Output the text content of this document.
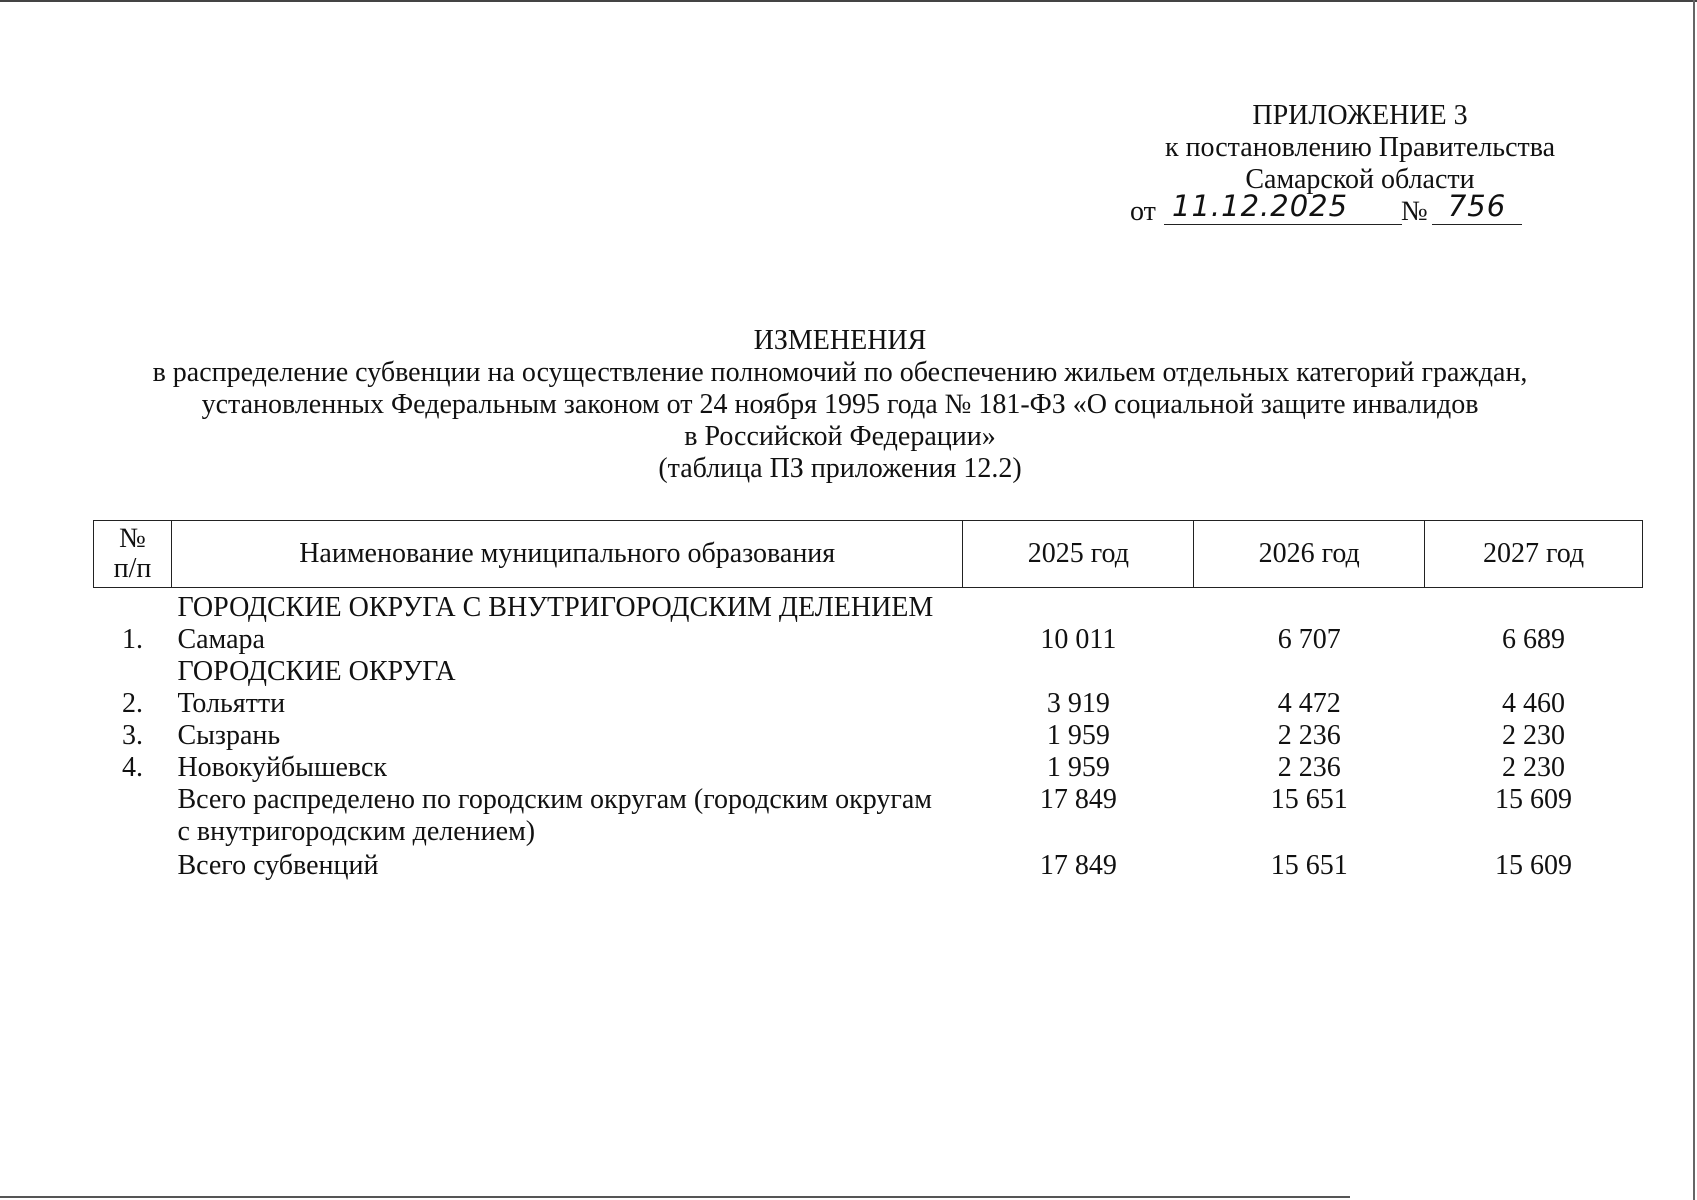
ПРИЛОЖЕНИЕ 3
к постановлению Правительства
Самарской области
от 11.12.2025	№ 756
ИЗМЕНЕНИЯ
в распределение субвенции на осуществление полномочий по обеспечению жильем отдельных категорий граждан,
установленных Федеральным законом от 24 ноября 1995 года № 181-ФЗ «О социальной защите инвалидов
в Российской Федерации»
(таблица ПЗ приложения 12.2)
№
п/п	Наименование муниципального образования	2025 год	2026 год	2027 год
	ГОРОДСКИЕ ОКРУГА С ВНУТРИГОРОДСКИМ ДЕЛЕНИЕМ			
1.	Самара	10 011	6 707	6 689
	ГОРОДСКИЕ ОКРУГА			
2.	Тольятти	3 919	4 472	4 460
3.	Сызрань	1 959	2 236	2 230
4.	Новокуйбышевск	1 959	2 236	2 230
	Всего распределено по городским округам (городским округам
с внутригородским делением)	17 849	15 651	15 609
	Всего субвенций	17 849	15 651	15 609
